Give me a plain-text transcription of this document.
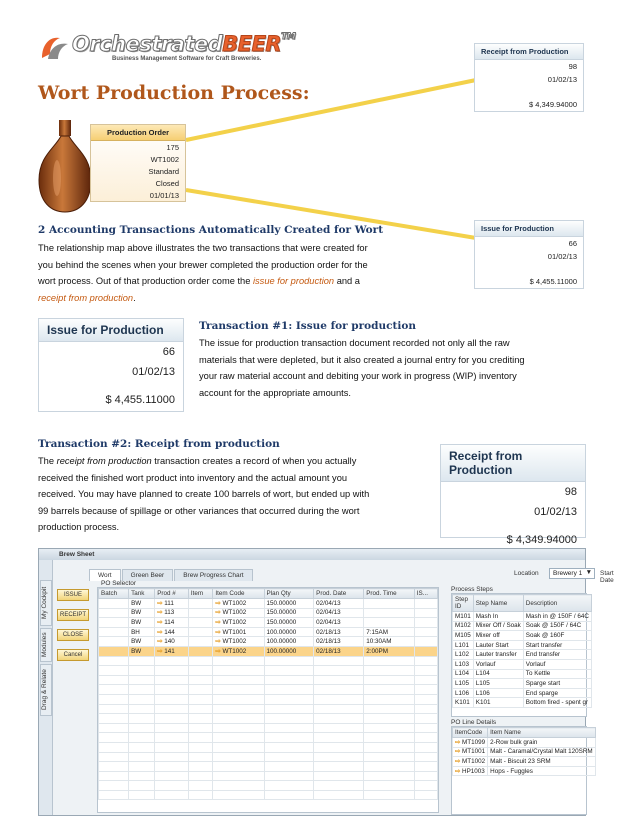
OrchestratedBEER™
Business Management Software for Craft Breweries.
Wort Production Process:
Production Order
175
WT1002
Standard
Closed
01/01/13
Receipt from Production
98
01/02/13
$ 4,349.94000
Issue for Production
66
01/02/13
$ 4,455.11000
2 Accounting Transactions Automatically Created for Wort
The relationship map above illustrates the two transactions that were created for
you behind the scenes when your brewer completed the production order for the
wort process. Out of that production order come the issue for production and a
receipt from production.
Issue for Production
66
01/02/13
$ 4,455.11000
Transaction #1: Issue for production
The issue for production transaction document recorded not only all the raw
materials that were depleted, but it also created a journal entry for you crediting
your raw material account and debiting your work in progress (WIP) inventory
account for the appropriate amounts.
Transaction #2: Receipt from production
The receipt from production transaction creates a record of when you actually
received the finished wort product into inventory and the actual amount you
received. You may have planned to create 100 barrels of wort, but ended up with
99 barrels because of spillage or other variances that occurred during the wort
production process.
Receipt from Production
98
01/02/13
$ 4,349.94000
Brew Sheet
My Cockpit
Modules
Drag & Relate
Wort	Green Beer	Brew Progress Chart	Location	Brewery 1 ▼ Start Date
ISSUE
RECEIPT
CLOSE
Cancel
PO Selector
Batch	Tank	Prod #	Item	Item Code	Plan Qty	Prod. Date	Prod. Time	IS...
	BW	⇨ 111		⇨ WT1002	150.00000	02/04/13		
	BW	⇨ 113		⇨ WT1002	150.00000	02/04/13		
	BW	⇨ 114		⇨ WT1002	150.00000	02/04/13		
	BH	⇨ 144		⇨ WT1001	100.00000	02/18/13	7:15AM	
	BW	⇨ 140		⇨ WT1002	100.00000	02/18/13	10:30AM	
	BW	⇨ 141		⇨ WT1002	100.00000	02/18/13	2:00PM	

Process Steps
Step ID	Step Name	Description
M101	Mash In	Mash in @ 150F / 64C
M102	Mixer Off / Soak	Soak @ 150F / 64C
M105	Mixer off	Soak @ 160F
L101	Lauter Start	Start transfer
L102	Lauter transfer	End transfer
L103	Vorlauf	Vorlauf
L104	L104	To Kettle
L105	L105	Sparge start
L106	L106	End sparge
K101	K101	Bottom fired - spent gr
PO Line Details
ItemCode	Item Name
⇨ MT1099	2-Row bulk grain
⇨ MT1001	Malt - Caramal/Crystal Malt 120SRM
⇨ MT1002	Malt - Biscuit 23 SRM
⇨ HP1003	Hops - Fuggles
